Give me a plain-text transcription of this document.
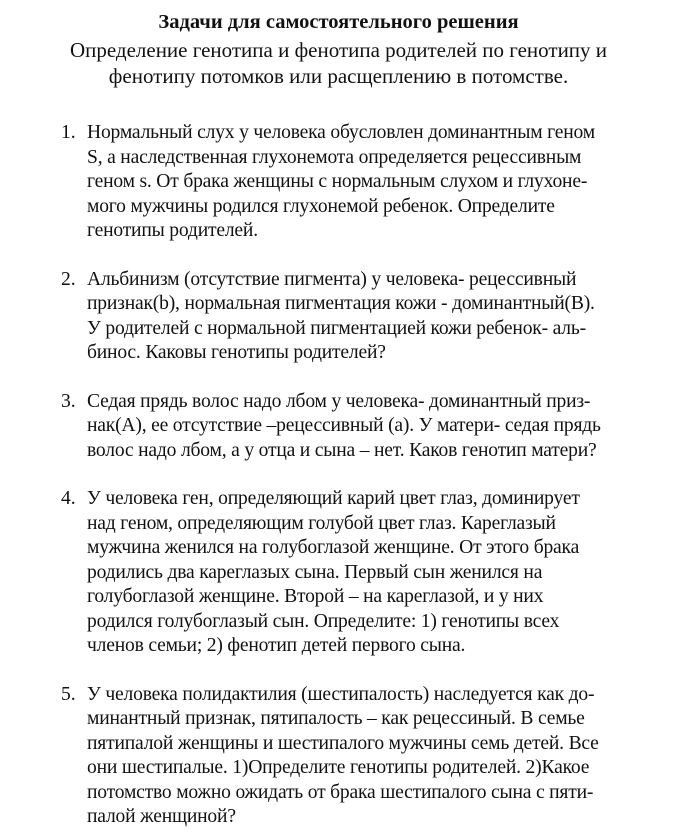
Задачи для самостоятельного решения
Определение генотипа и фенотипа родителей по генотипу и
фенотипу потомков или расщеплению в потомстве.
1. Нормальный слух у человека обусловлен доминантным геном
S, а наследственная глухонемота определяется рецессивным
геном s. От брака женщины с нормальным слухом и глухоне-
мого мужчины родился глухонемой ребенок. Определите
генотипы родителей.
2. Альбинизм (отсутствие пигмента) у человека- рецессивный
признак(b), нормальная пигментация кожи - доминантный(B).
У родителей с нормальной пигментацией кожи ребенок- аль-
бинос. Каковы генотипы родителей?
3. Седая прядь волос надо лбом у человека- доминантный приз-
нак(А), ее отсутствие –рецессивный (а). У матери- седая прядь
волос надо лбом, а у отца и сына – нет. Каков генотип матери?
4. У человека ген, определяющий карий цвет глаз, доминирует
над геном, определяющим голубой цвет глаз. Кареглазый
мужчина женился на голубоглазой женщине. От этого брака
родились два кареглазых сына. Первый сын женился на
голубоглазой женщине. Второй – на кареглазой, и у них
родился голубоглазый сын. Определите: 1) генотипы всех
членов семьи; 2) фенотип детей первого сына.
5. У человека полидактилия (шестипалость) наследуется как до-
минантный признак, пятипалость – как рецессиный. В семье
пятипалой женщины и шестипалого мужчины семь детей. Все
они шестипалые. 1)Определите генотипы родителей. 2)Какое
потомство можно ожидать от брака шестипалого сына с пяти-
палой женщиной?
